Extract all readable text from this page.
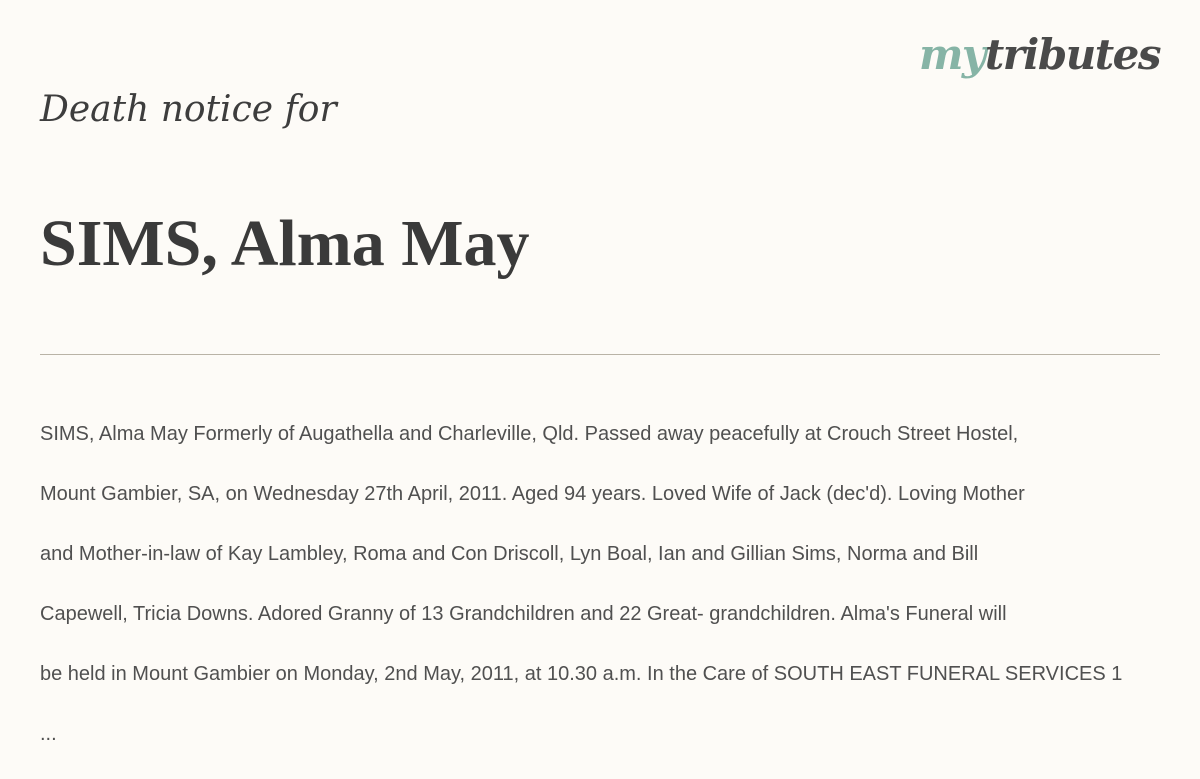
mytributes
Death notice for
SIMS, Alma May

SIMS, Alma May Formerly of Augathella and Charleville, Qld. Passed away peacefully at Crouch Street Hostel,

Mount Gambier, SA, on Wednesday 27th April, 2011. Aged 94 years. Loved Wife of Jack (dec'd). Loving Mother

and Mother-in-law of Kay Lambley, Roma and Con Driscoll, Lyn Boal, Ian and Gillian Sims, Norma and Bill

Capewell, Tricia Downs. Adored Granny of 13 Grandchildren and 22 Great- grandchildren. Alma's Funeral will

be held in Mount Gambier on Monday, 2nd May, 2011, at 10.30 a.m. In the Care of SOUTH EAST FUNERAL SERVICES 1

...
